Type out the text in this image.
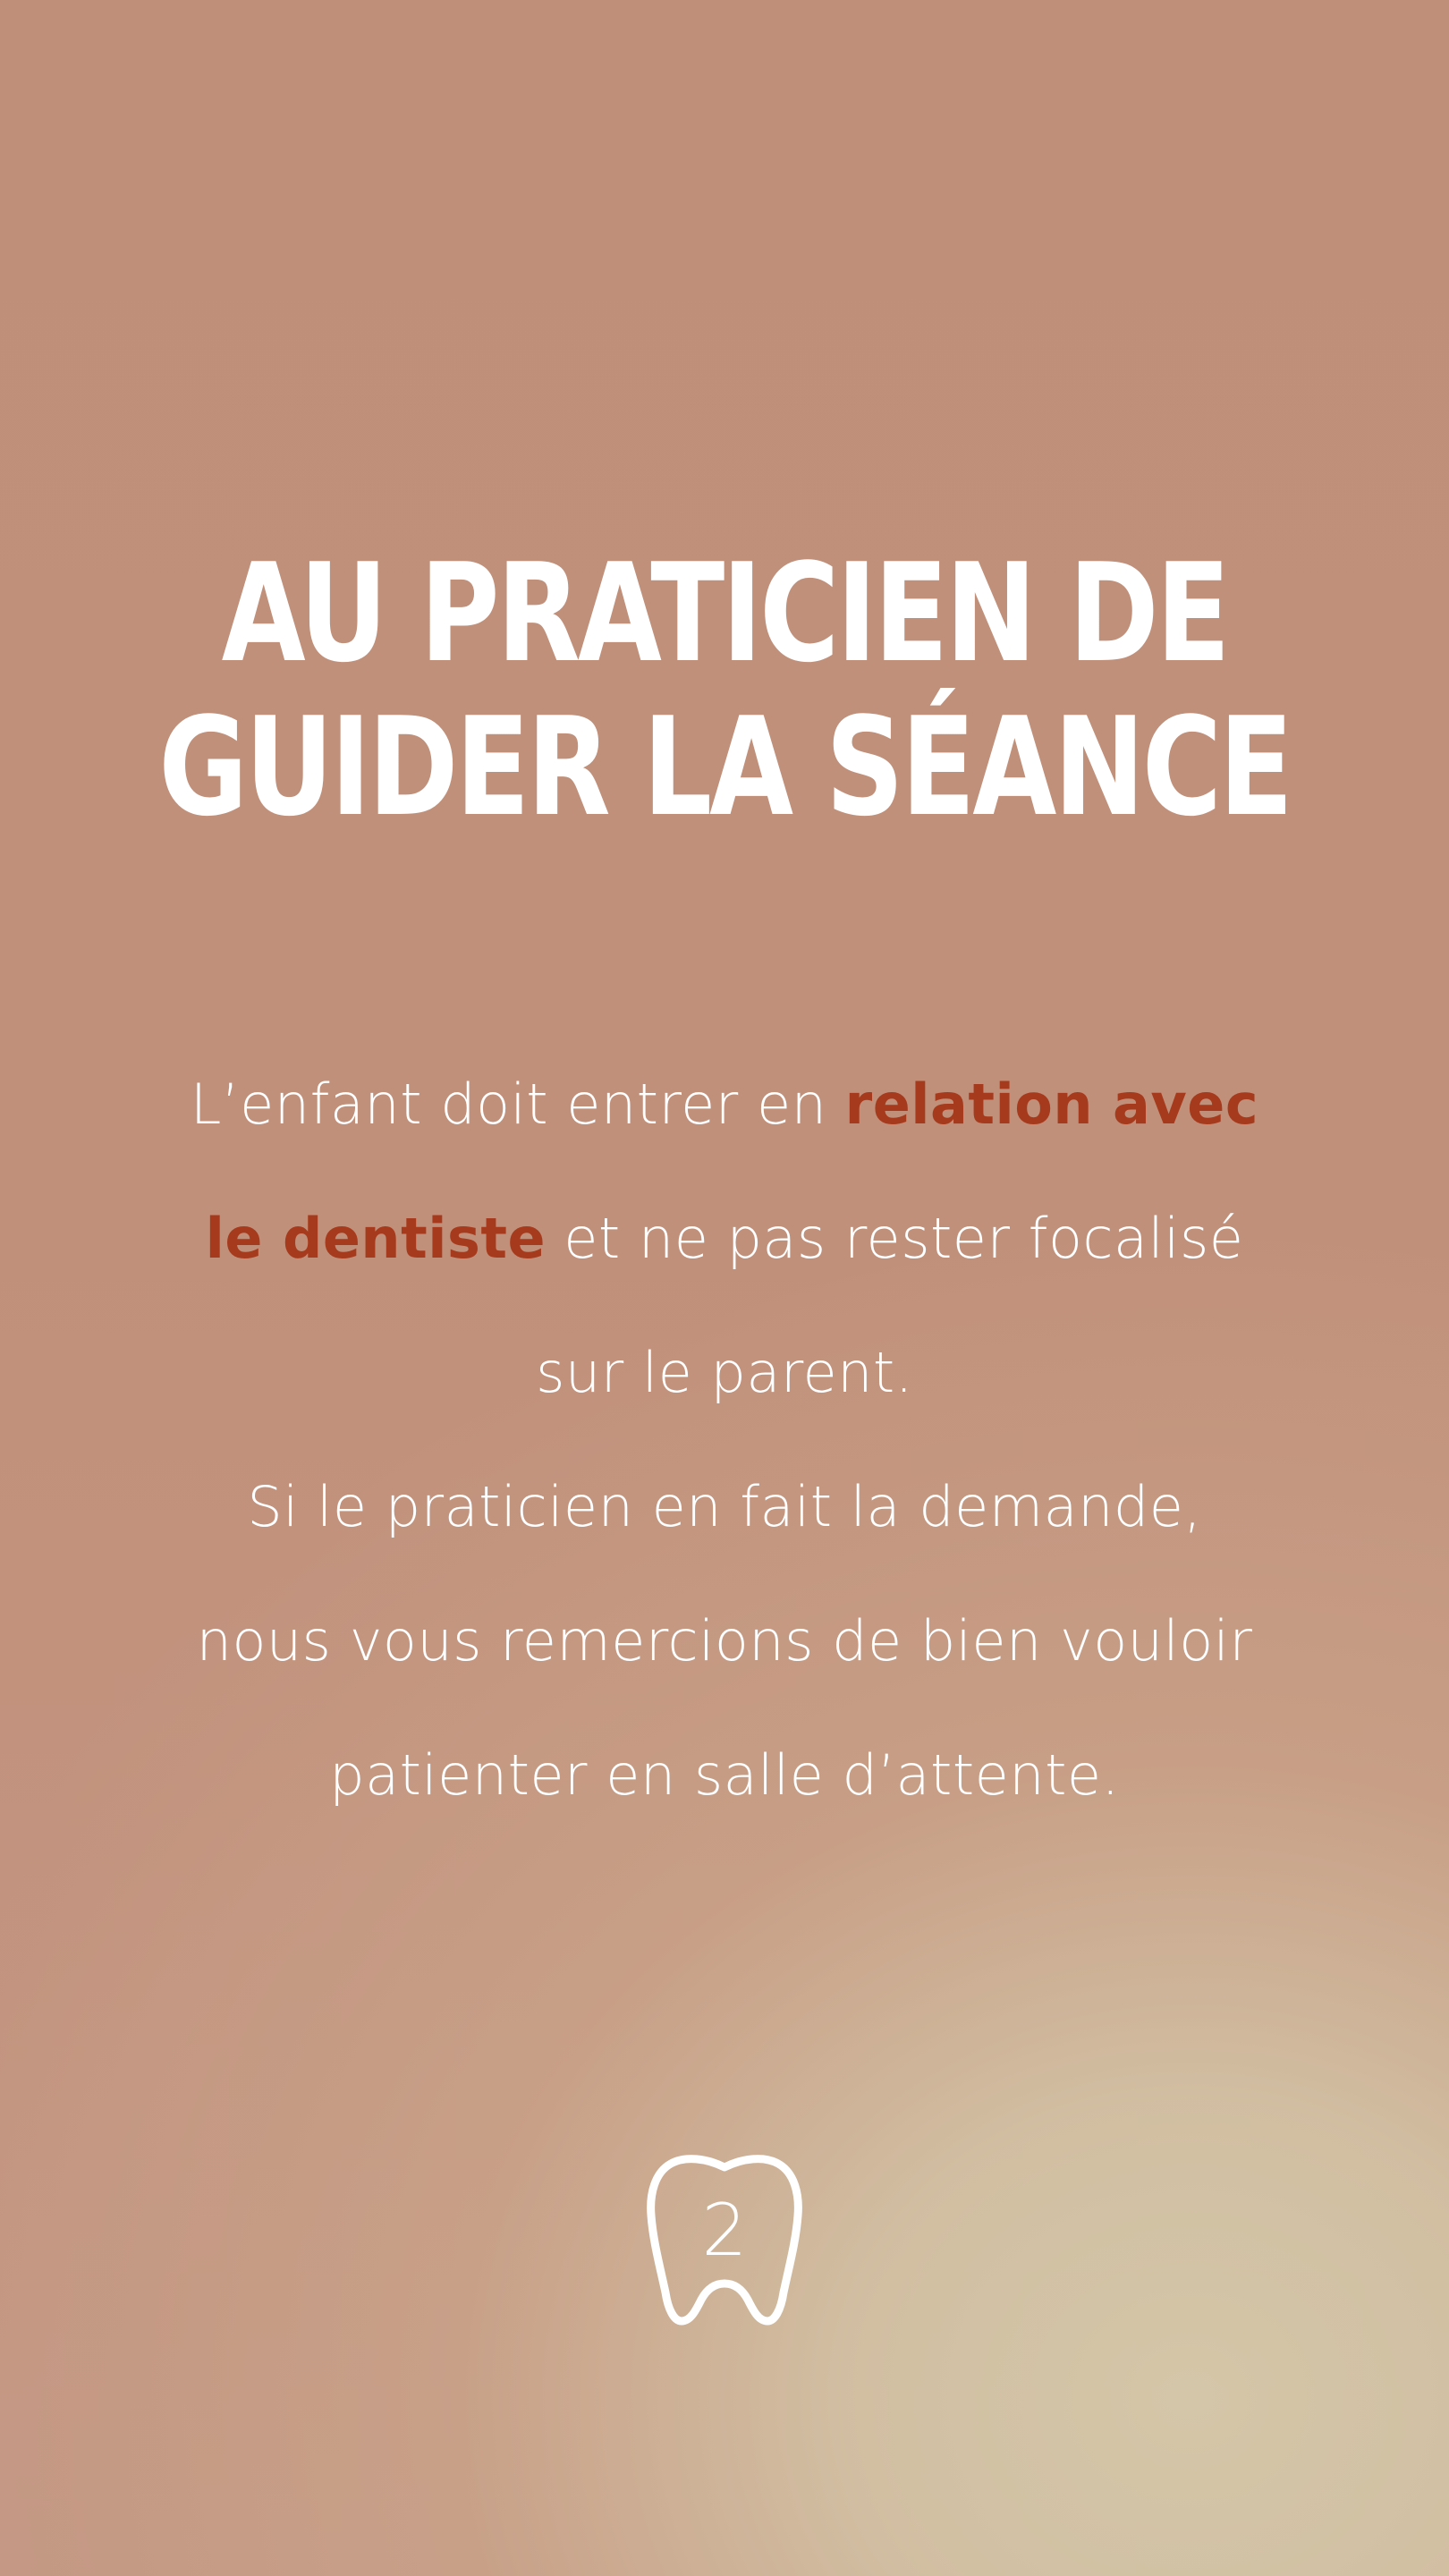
AU PRATICIEN DE
GUIDER LA SÉANCE
L’enfant doit entrer en relation avec
le dentiste et ne pas rester focalisé
sur le parent.
Si le praticien en fait la demande,
nous vous remercions de bien vouloir
patienter en salle d’attente.
2
